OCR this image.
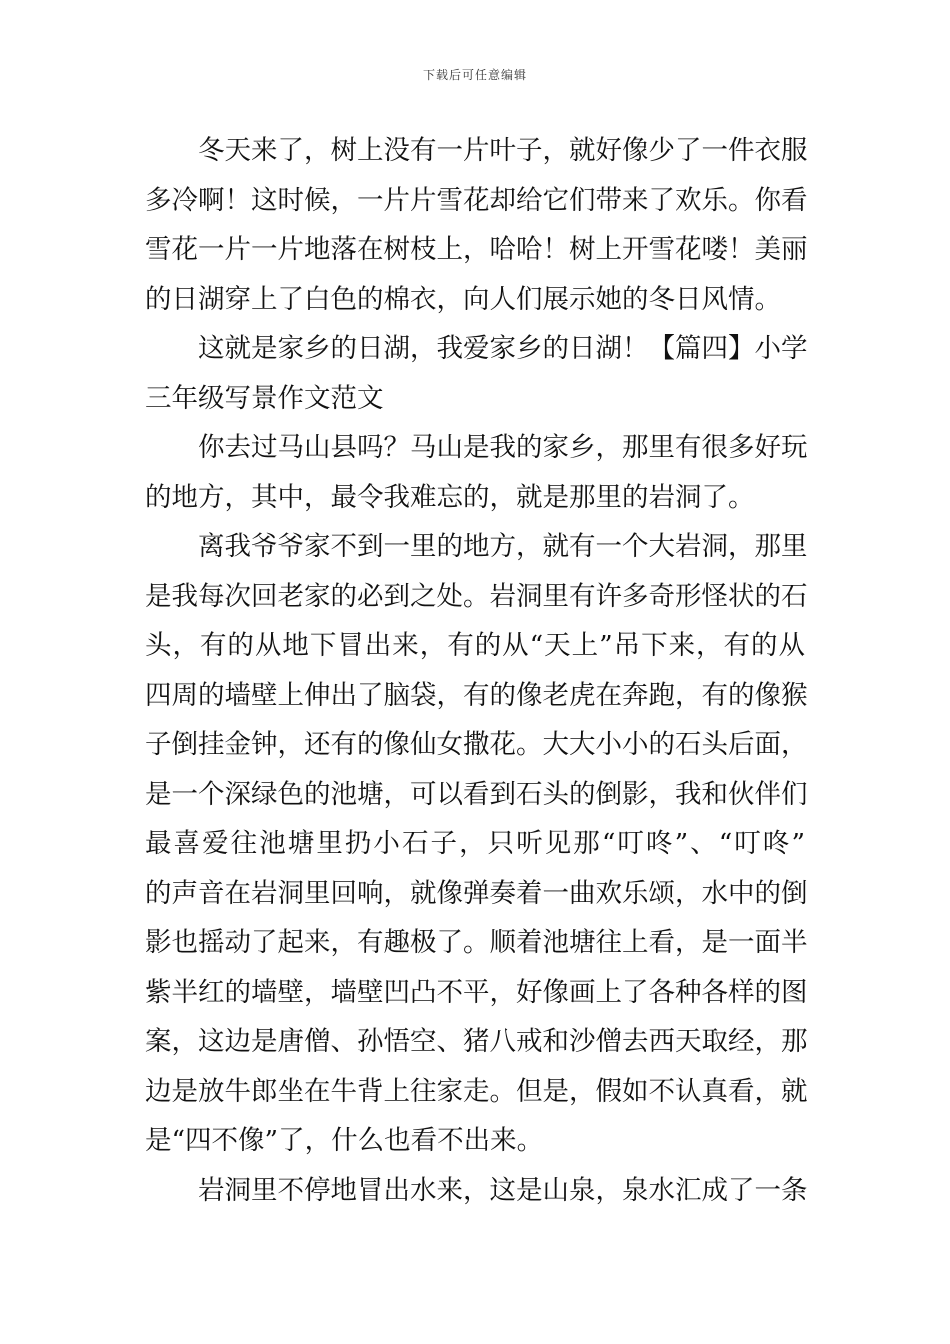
下载后可任意编辑
冬天来了，树上没有一片叶子，就好像少了一件衣服
多冷啊！这时候，一片片雪花却给它们带来了欢乐。你看
雪花一片一片地落在树枝上，哈哈！树上开雪花喽！美丽
的日湖穿上了白色的棉衣，向人们展示她的冬日风情。
这就是家乡的日湖，我爱家乡的日湖！【篇四】小学
三年级写景作文范文
你去过马山县吗？马山是我的家乡，那里有很多好玩
的地方，其中，最令我难忘的，就是那里的岩洞了。
离我爷爷家不到一里的地方，就有一个大岩洞，那里
是我每次回老家的必到之处。岩洞里有许多奇形怪状的石
头，有的从地下冒出来，有的从“天上”吊下来，有的从
四周的墙壁上伸出了脑袋，有的像老虎在奔跑，有的像猴
子倒挂金钟，还有的像仙女撒花。大大小小的石头后面，
是一个深绿色的池塘，可以看到石头的倒影，我和伙伴们
最喜爱往池塘里扔小石子，只听见那“叮咚”、“叮咚”
的声音在岩洞里回响，就像弹奏着一曲欢乐颂，水中的倒
影也摇动了起来，有趣极了。顺着池塘往上看，是一面半
紫半红的墙壁，墙壁凹凸不平，好像画上了各种各样的图
案，这边是唐僧、孙悟空、猪八戒和沙僧去西天取经，那
边是放牛郎坐在牛背上往家走。但是，假如不认真看，就
是“四不像”了，什么也看不出来。
岩洞里不停地冒出水来，这是山泉，泉水汇成了一条
